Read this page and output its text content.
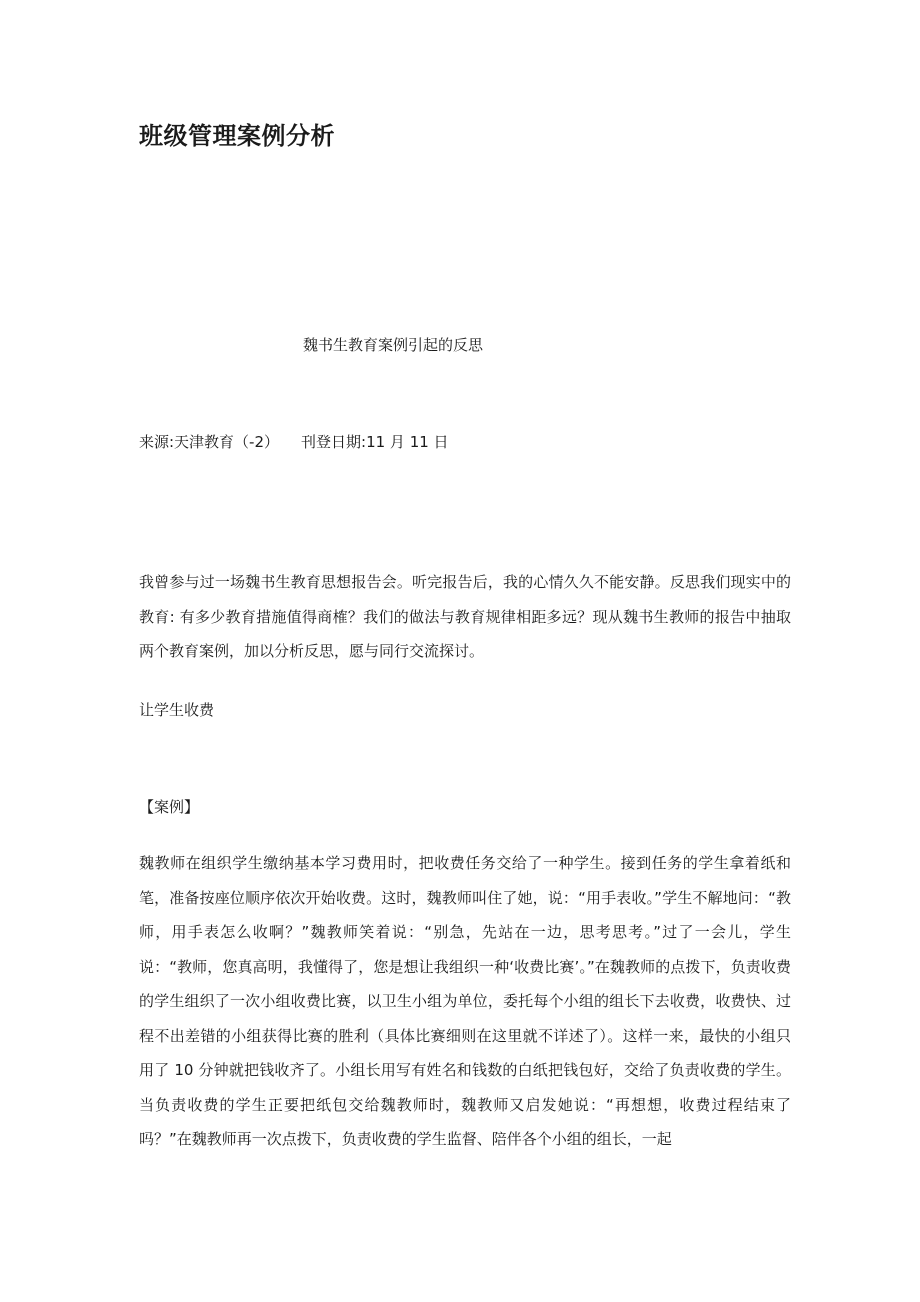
班级管理案例分析
魏书生教育案例引起的反思
来源:天津教育（-2） 刊登日期:11 月 11 日

我曾参与过一场魏书生教育思想报告会。听完报告后，我的心情久久不能安静。反思我们现实中的教育: 有多少教育措施值得商榷？我们的做法与教育规律相距多远？现从魏书生教师的报告中抽取两个教育案例，加以分析反思，愿与同行交流探讨。

让学生收费
【案例】

魏教师在组织学生缴纳基本学习费用时，把收费任务交给了一种学生。接到任务的学生拿着纸和笔，准备按座位顺序依次开始收费。这时，魏教师叫住了她，说：“用手表收。”学生不解地问：“教师，用手表怎么收啊？”魏教师笑着说：“别急，先站在一边，思考思考。”过了一会儿，学生说：“教师，您真高明，我懂得了，您是想让我组织一种‘收费比赛’。”在魏教师的点拨下，负责收费的学生组织了一次小组收费比赛，以卫生小组为单位，委托每个小组的组长下去收费，收费快、过程不出差错的小组获得比赛的胜利（具体比赛细则在这里就不详述了）。这样一来，最快的小组只用了 10 分钟就把钱收齐了。小组长用写有姓名和钱数的白纸把钱包好，交给了负责收费的学生。当负责收费的学生正要把纸包交给魏教师时，魏教师又启发她说：“再想想，收费过程结束了吗？”在魏教师再一次点拨下，负责收费的学生监督、陪伴各个小组的组长，一起
